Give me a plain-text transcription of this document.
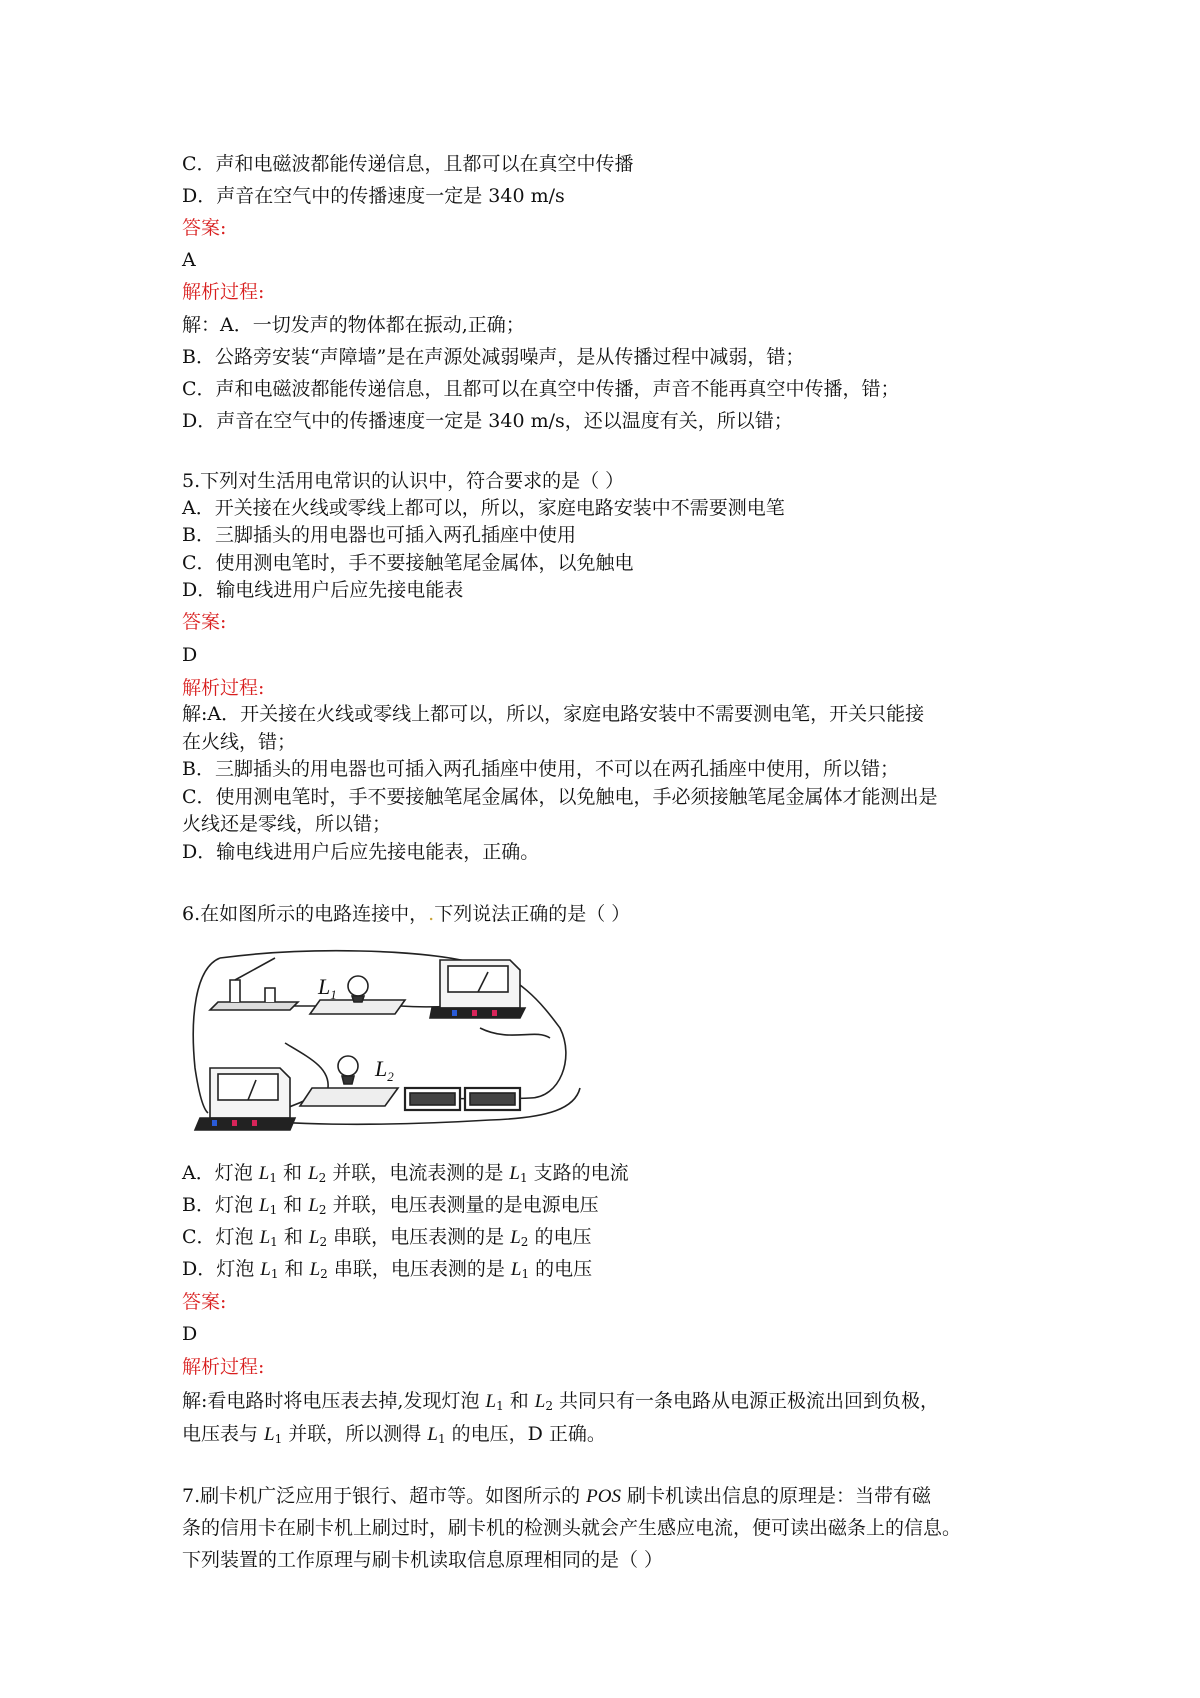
C．声和电磁波都能传递信息，且都可以在真空中传播
D．声音在空气中的传播速度一定是 340 m/s
答案:
A
解析过程:
解：A．一切发声的物体都在振动,正确；
B．公路旁安装“声障墙”是在声源处减弱噪声，是从传播过程中减弱，错；
C．声和电磁波都能传递信息，且都可以在真空中传播，声音不能再真空中传播，错；
D．声音在空气中的传播速度一定是 340 m/s，还以温度有关，所以错；
5.下列对生活用电常识的认识中，符合要求的是（ ）
A．开关接在火线或零线上都可以，所以，家庭电路安装中不需要测电笔
B．三脚插头的用电器也可插入两孔插座中使用
C．使用测电笔时，手不要接触笔尾金属体，以免触电
D．输电线进用户后应先接电能表
答案:
D
解析过程:
解:A．开关接在火线或零线上都可以，所以，家庭电路安装中不需要测电笔，开关只能接
在火线，错；
B．三脚插头的用电器也可插入两孔插座中使用，不可以在两孔插座中使用，所以错；
C．使用测电笔时，手不要接触笔尾金属体，以免触电，手必须接触笔尾金属体才能测出是
火线还是零线，所以错；
D．输电线进用户后应先接电能表，正确。
6.在如图所示的电路连接中，.下列说法正确的是（ ）
$L_1$
$L_2$
A．灯泡 $L_1$ 和 $L_2$ 并联，电流表测的是 $L_1$ 支路的电流
B．灯泡 $L_1$ 和 $L_2$ 并联，电压表测量的是电源电压
C．灯泡 $L_1$ 和 $L_2$ 串联，电压表测的是 $L_2$ 的电压
D．灯泡 $L_1$ 和 $L_2$ 串联，电压表测的是 $L_1$ 的电压
答案:
D
解析过程:
解:看电路时将电压表去掉,发现灯泡 $L_1$ 和 $L_2$ 共同只有一条电路从电源正极流出回到负极，
电压表与 $L_1$ 并联，所以测得 $L_1$ 的电压，D 正确。
7.刷卡机广泛应用于银行、超市等。如图所示的 POS 刷卡机读出信息的原理是：当带有磁
条的信用卡在刷卡机上刷过时，刷卡机的检测头就会产生感应电流，便可读出磁条上的信息。
下列装置的工作原理与刷卡机读取信息原理相同的是（ ）
